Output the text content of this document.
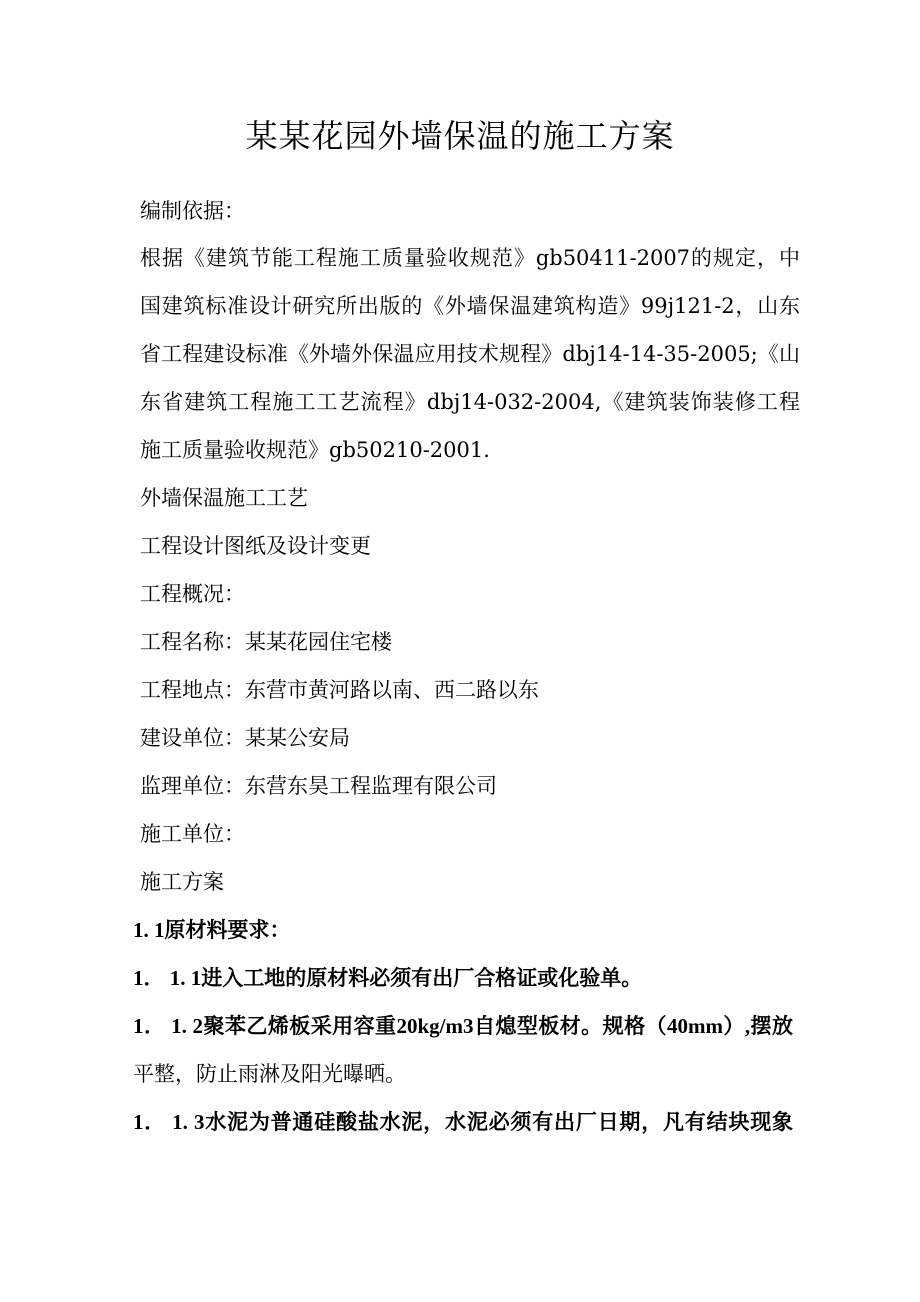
某某花园外墙保温的施工方案
编制依据：
根据《建筑节能工程施工质量验收规范》gb50411-2007的规定，中
国建筑标准设计研究所出版的《外墙保温建筑构造》99j121-2，山东
省工程建设标准《外墙外保温应用技术规程》dbj14-14-35-2005;《山
东省建筑工程施工工艺流程》dbj14-032-2004,《建筑装饰装修工程
施工质量验收规范》gb50210-2001.
外墙保温施工工艺
工程设计图纸及设计变更
工程概况：
工程名称：某某花园住宅楼
工程地点：东营市黄河路以南、西二路以东
建设单位：某某公安局
监理单位：东营东昊工程监理有限公司
施工单位：
施工方案
1. 1原材料要求：
1． 1. 1进入工地的原材料必须有出厂合格证或化验单。
1． 1. 2聚苯乙烯板采用容重20kg/m3自熄型板材。规格（40mm）,摆放
平整，防止雨淋及阳光曝晒。
1． 1. 3水泥为普通硅酸盐水泥，水泥必须有出厂日期，凡有结块现象
